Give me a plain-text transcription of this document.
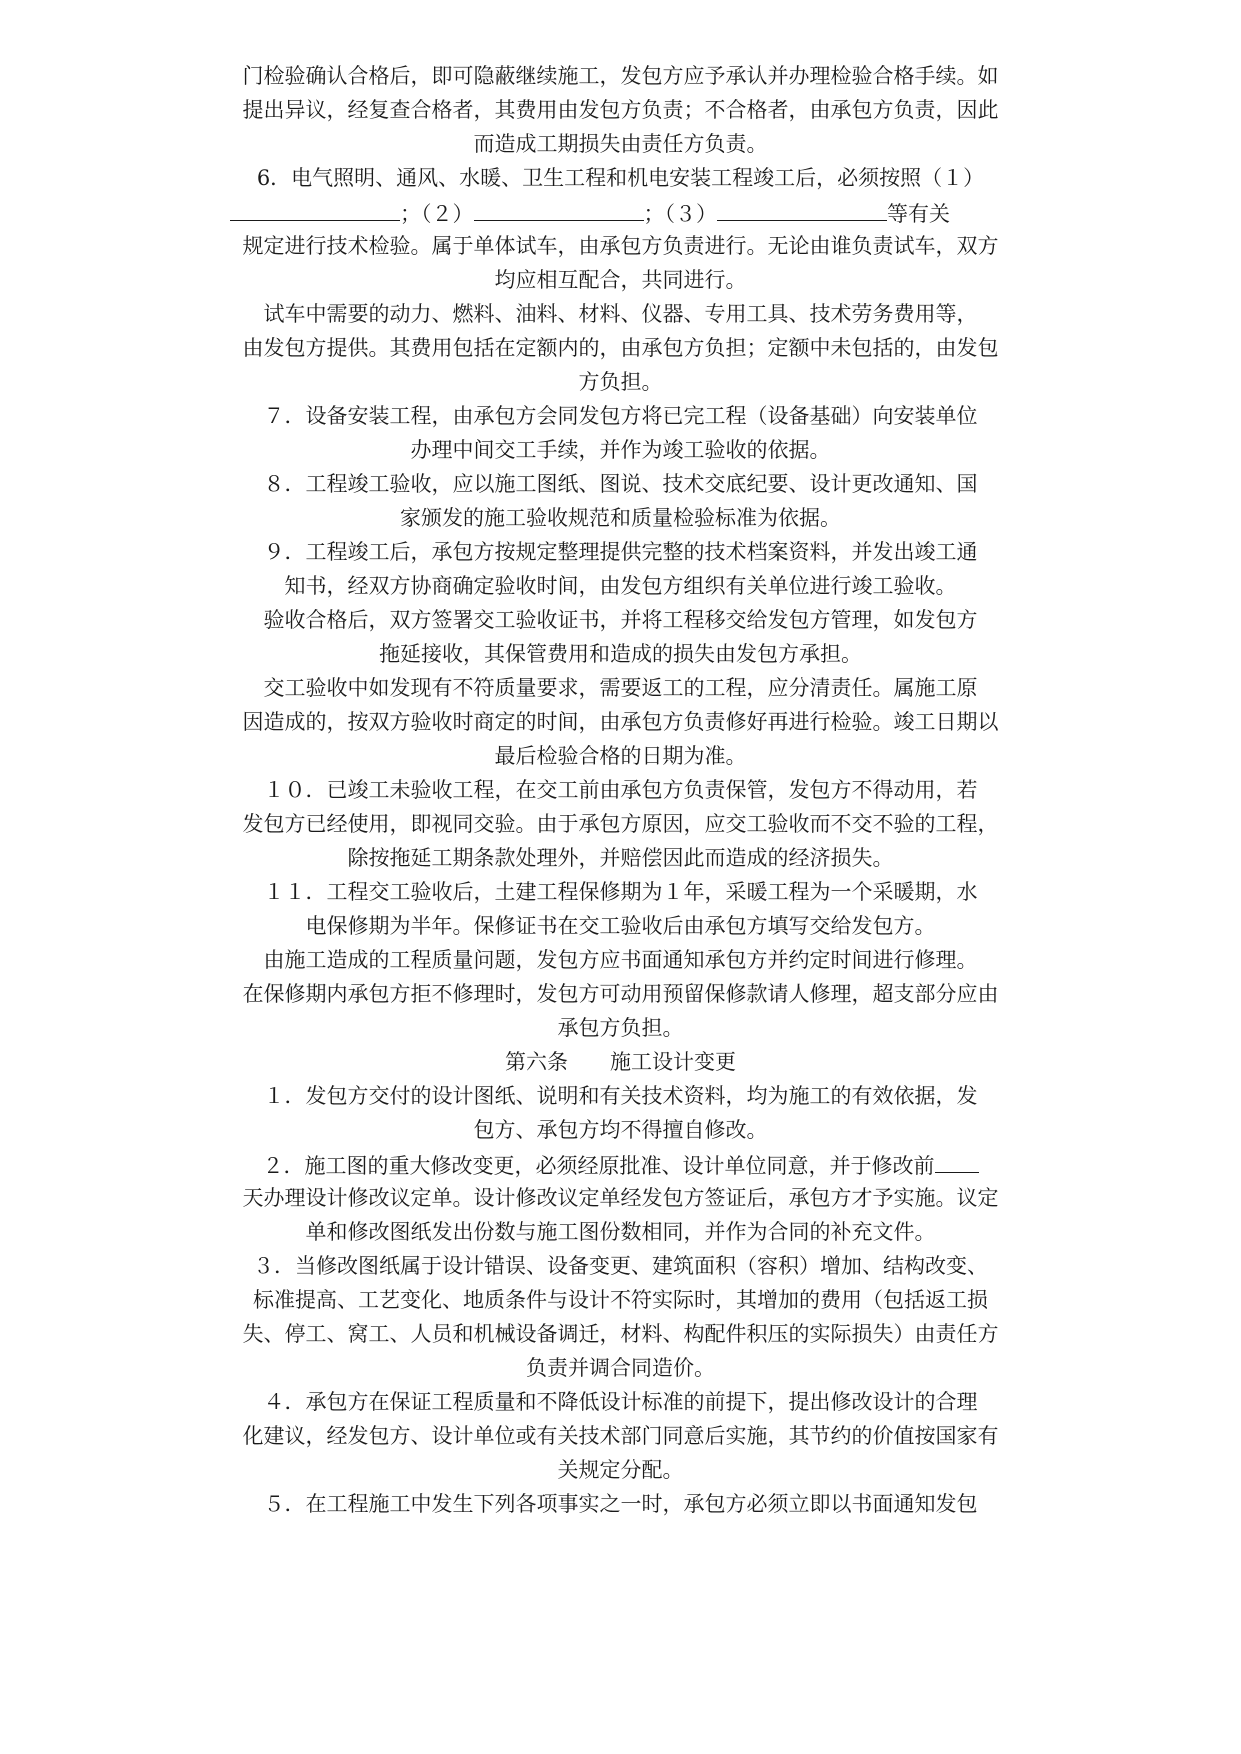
门检验确认合格后，即可隐蔽继续施工，发包方应予承认并办理检验合格手续。如
提出异议，经复查合格者，其费用由发包方负责；不合格者，由承包方负责，因此
而造成工期损失由责任方负责。
6．电气照明、通风、水暖、卫生工程和机电安装工程竣工后，必须按照（１）
；（２）	；（３）	等有关
规定进行技术检验。属于单体试车，由承包方负责进行。无论由谁负责试车，双方
均应相互配合，共同进行。
试车中需要的动力、燃料、油料、材料、仪器、专用工具、技术劳务费用等，
由发包方提供。其费用包括在定额内的，由承包方负担；定额中未包括的，由发包
方负担。
７．设备安装工程，由承包方会同发包方将已完工程（设备基础）向安装单位
办理中间交工手续，并作为竣工验收的依据。
８．工程竣工验收，应以施工图纸、图说、技术交底纪要、设计更改通知、国
家颁发的施工验收规范和质量检验标准为依据。
９．工程竣工后，承包方按规定整理提供完整的技术档案资料，并发出竣工通
知书，经双方协商确定验收时间，由发包方组织有关单位进行竣工验收。
验收合格后，双方签署交工验收证书，并将工程移交给发包方管理，如发包方
拖延接收，其保管费用和造成的损失由发包方承担。
交工验收中如发现有不符质量要求，需要返工的工程，应分清责任。属施工原
因造成的，按双方验收时商定的时间，由承包方负责修好再进行检验。竣工日期以
最后检验合格的日期为准。
１０．已竣工未验收工程，在交工前由承包方负责保管，发包方不得动用，若
发包方已经使用，即视同交验。由于承包方原因，应交工验收而不交不验的工程，
除按拖延工期条款处理外，并赔偿因此而造成的经济损失。
１１．工程交工验收后，土建工程保修期为１年，采暖工程为一个采暖期，水
电保修期为半年。保修证书在交工验收后由承包方填写交给发包方。
由施工造成的工程质量问题，发包方应书面通知承包方并约定时间进行修理。
在保修期内承包方拒不修理时，发包方可动用预留保修款请人修理，超支部分应由
承包方负担。
第六条　　施工设计变更
１．发包方交付的设计图纸、说明和有关技术资料，均为施工的有效依据，发
包方、承包方均不得擅自修改。
２．施工图的重大修改变更，必须经原批准、设计单位同意，并于修改前
天办理设计修改议定单。设计修改议定单经发包方签证后，承包方才予实施。议定
单和修改图纸发出份数与施工图份数相同，并作为合同的补充文件。
３．当修改图纸属于设计错误、设备变更、建筑面积（容积）增加、结构改变、
标准提高、工艺变化、地质条件与设计不符实际时，其增加的费用（包括返工损
失、停工、窝工、人员和机械设备调迁，材料、构配件积压的实际损失）由责任方
负责并调合同造价。
４．承包方在保证工程质量和不降低设计标准的前提下，提出修改设计的合理
化建议，经发包方、设计单位或有关技术部门同意后实施，其节约的价值按国家有
关规定分配。
５．在工程施工中发生下列各项事实之一时，承包方必须立即以书面通知发包
